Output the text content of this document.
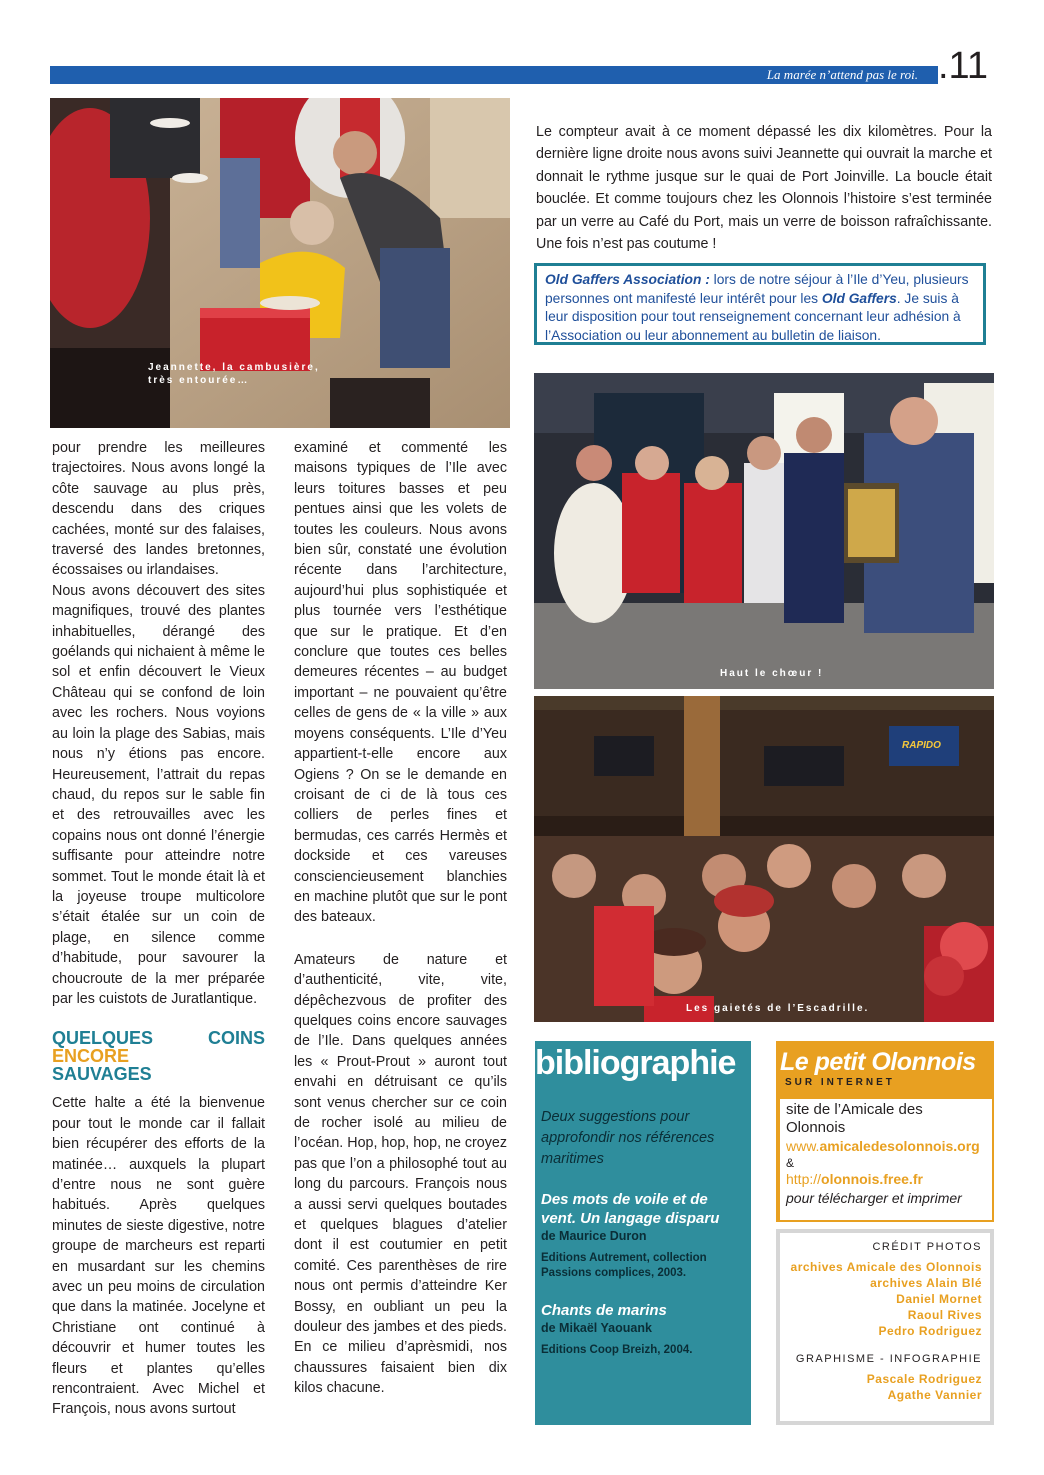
La marée n’attend pas le roi. .11
Jeannette, la cambusière,
très entourée…
Haut le chœur !
RAPIDO
Les gaietés de l’Escadrille.

pour prendre les meilleures trajectoires. Nous avons longé la côte sauvage au plus près, descendu dans des criques cachées, monté sur des falaises, traversé des landes bretonnes, écossaises ou irlandaises.

Nous avons découvert des sites magnifiques, trouvé des plantes inhabituelles, dérangé des goélands qui nichaient à même le sol et enfin découvert le Vieux Château qui se confond de loin avec les rochers. Nous voyions au loin la plage des Sabias, mais nous n’y étions pas encore. Heureusement, l’attrait du repas chaud, du repos sur le sable fin et des retrouvailles avec les copains nous ont donné l’énergie suffisante pour atteindre notre sommet. Tout le monde était là et la joyeuse troupe multicolore s’était étalée sur un coin de plage, en silence comme d’habitude, pour savourer la choucroute de la mer préparée par les cuistots de Juratlantique.

QUELQUES COINS ENCORE
SAUVAGES

Cette halte a été la bienvenue pour tout le monde car il fallait bien récupérer des efforts de la matinée… auxquels la plupart d’entre nous ne sont guère habitués. Après quelques minutes de sieste digestive, notre groupe de marcheurs est reparti en musardant sur les chemins avec un peu moins de circulation que dans la matinée. Jocelyne et Christiane ont continué à découvrir et humer toutes les fleurs et plantes qu’elles rencontraient. Avec Michel et François, nous avons surtout

examiné et commenté les maisons typiques de l’Ile avec leurs toitures basses et peu pentues ainsi que les volets de toutes les couleurs. Nous avons bien sûr, constaté une évolution récente dans l’architecture, aujourd’hui plus sophistiquée et plus tournée vers l’esthétique que sur le pratique. Et d’en conclure que toutes ces belles demeures récentes – au budget important – ne pouvaient qu’être celles de gens de « la ville » aux moyens conséquents. L’Ile d’Yeu appartient-t-elle encore aux Ogiens ? On se le demande en croisant de ci de là tous ces colliers de perles fines et bermudas, ces carrés Hermès et dockside et ces vareuses consciencieusement blanchies en machine plutôt que sur le pont des bateaux.

Amateurs de nature et d’authenticité, vite, vite, dépêchezvous de profiter des quelques coins encore sauvages de l’Ile. Dans quelques années les « Prout-Prout » auront tout envahi en détruisant ce qu’ils sont venus chercher sur ce coin de rocher isolé au milieu de l’océan. Hop, hop, hop, ne croyez pas que l’on a philosophé tout au long du parcours. François nous a aussi servi quelques boutades et quelques blagues d’atelier dont il est coutumier en petit comité. Ces parenthèses de rire nous ont permis d’atteindre Ker Bossy, en oubliant un peu la douleur des jambes et des pieds. En ce milieu d’aprèsmidi, nos chaussures faisaient bien dix kilos chacune.

Le compteur avait à ce moment dépassé les dix kilomètres. Pour la dernière ligne droite nous avons suivi Jeannette qui ouvrait la marche et donnait le rythme jusque sur le quai de Port Joinville. La boucle était bouclée. Et comme toujours chez les Olonnois l’histoire s’est terminée par un verre au Café du Port, mais un verre de boisson rafraîchissante. Une fois n’est pas coutume !
Old Gaffers Association : lors de notre séjour à l’Ile d’Yeu, plusieurs personnes ont manifesté leur intérêt pour les Old Gaffers. Je suis à leur disposition pour tout renseignement concernant leur adhésion à l’Association ou leur abonnement au bulletin de liaison.
bibliographie

Deux suggestions pour approfondir nos références maritimes

Des mots de voile et de vent. Un langage disparu

de Maurice Duron

Editions Autrement, collection Passions complices, 2003.

Chants de marins

de Mikaël Yaouank

Editions Coop Breizh, 2004.

Le petit Olonnois
SUR INTERNET

site de l’Amicale des Olonnois

www.amicaledesolonnois.org

&

http://olonnois.free.fr

pour télécharger et imprimer

CRÉDIT PHOTOS

archives Amicale des Olonnois

archives Alain Blé

Daniel Mornet

Raoul Rives

Pedro Rodriguez

GRAPHISME - INFOGRAPHIE

Pascale Rodriguez

Agathe Vannier
